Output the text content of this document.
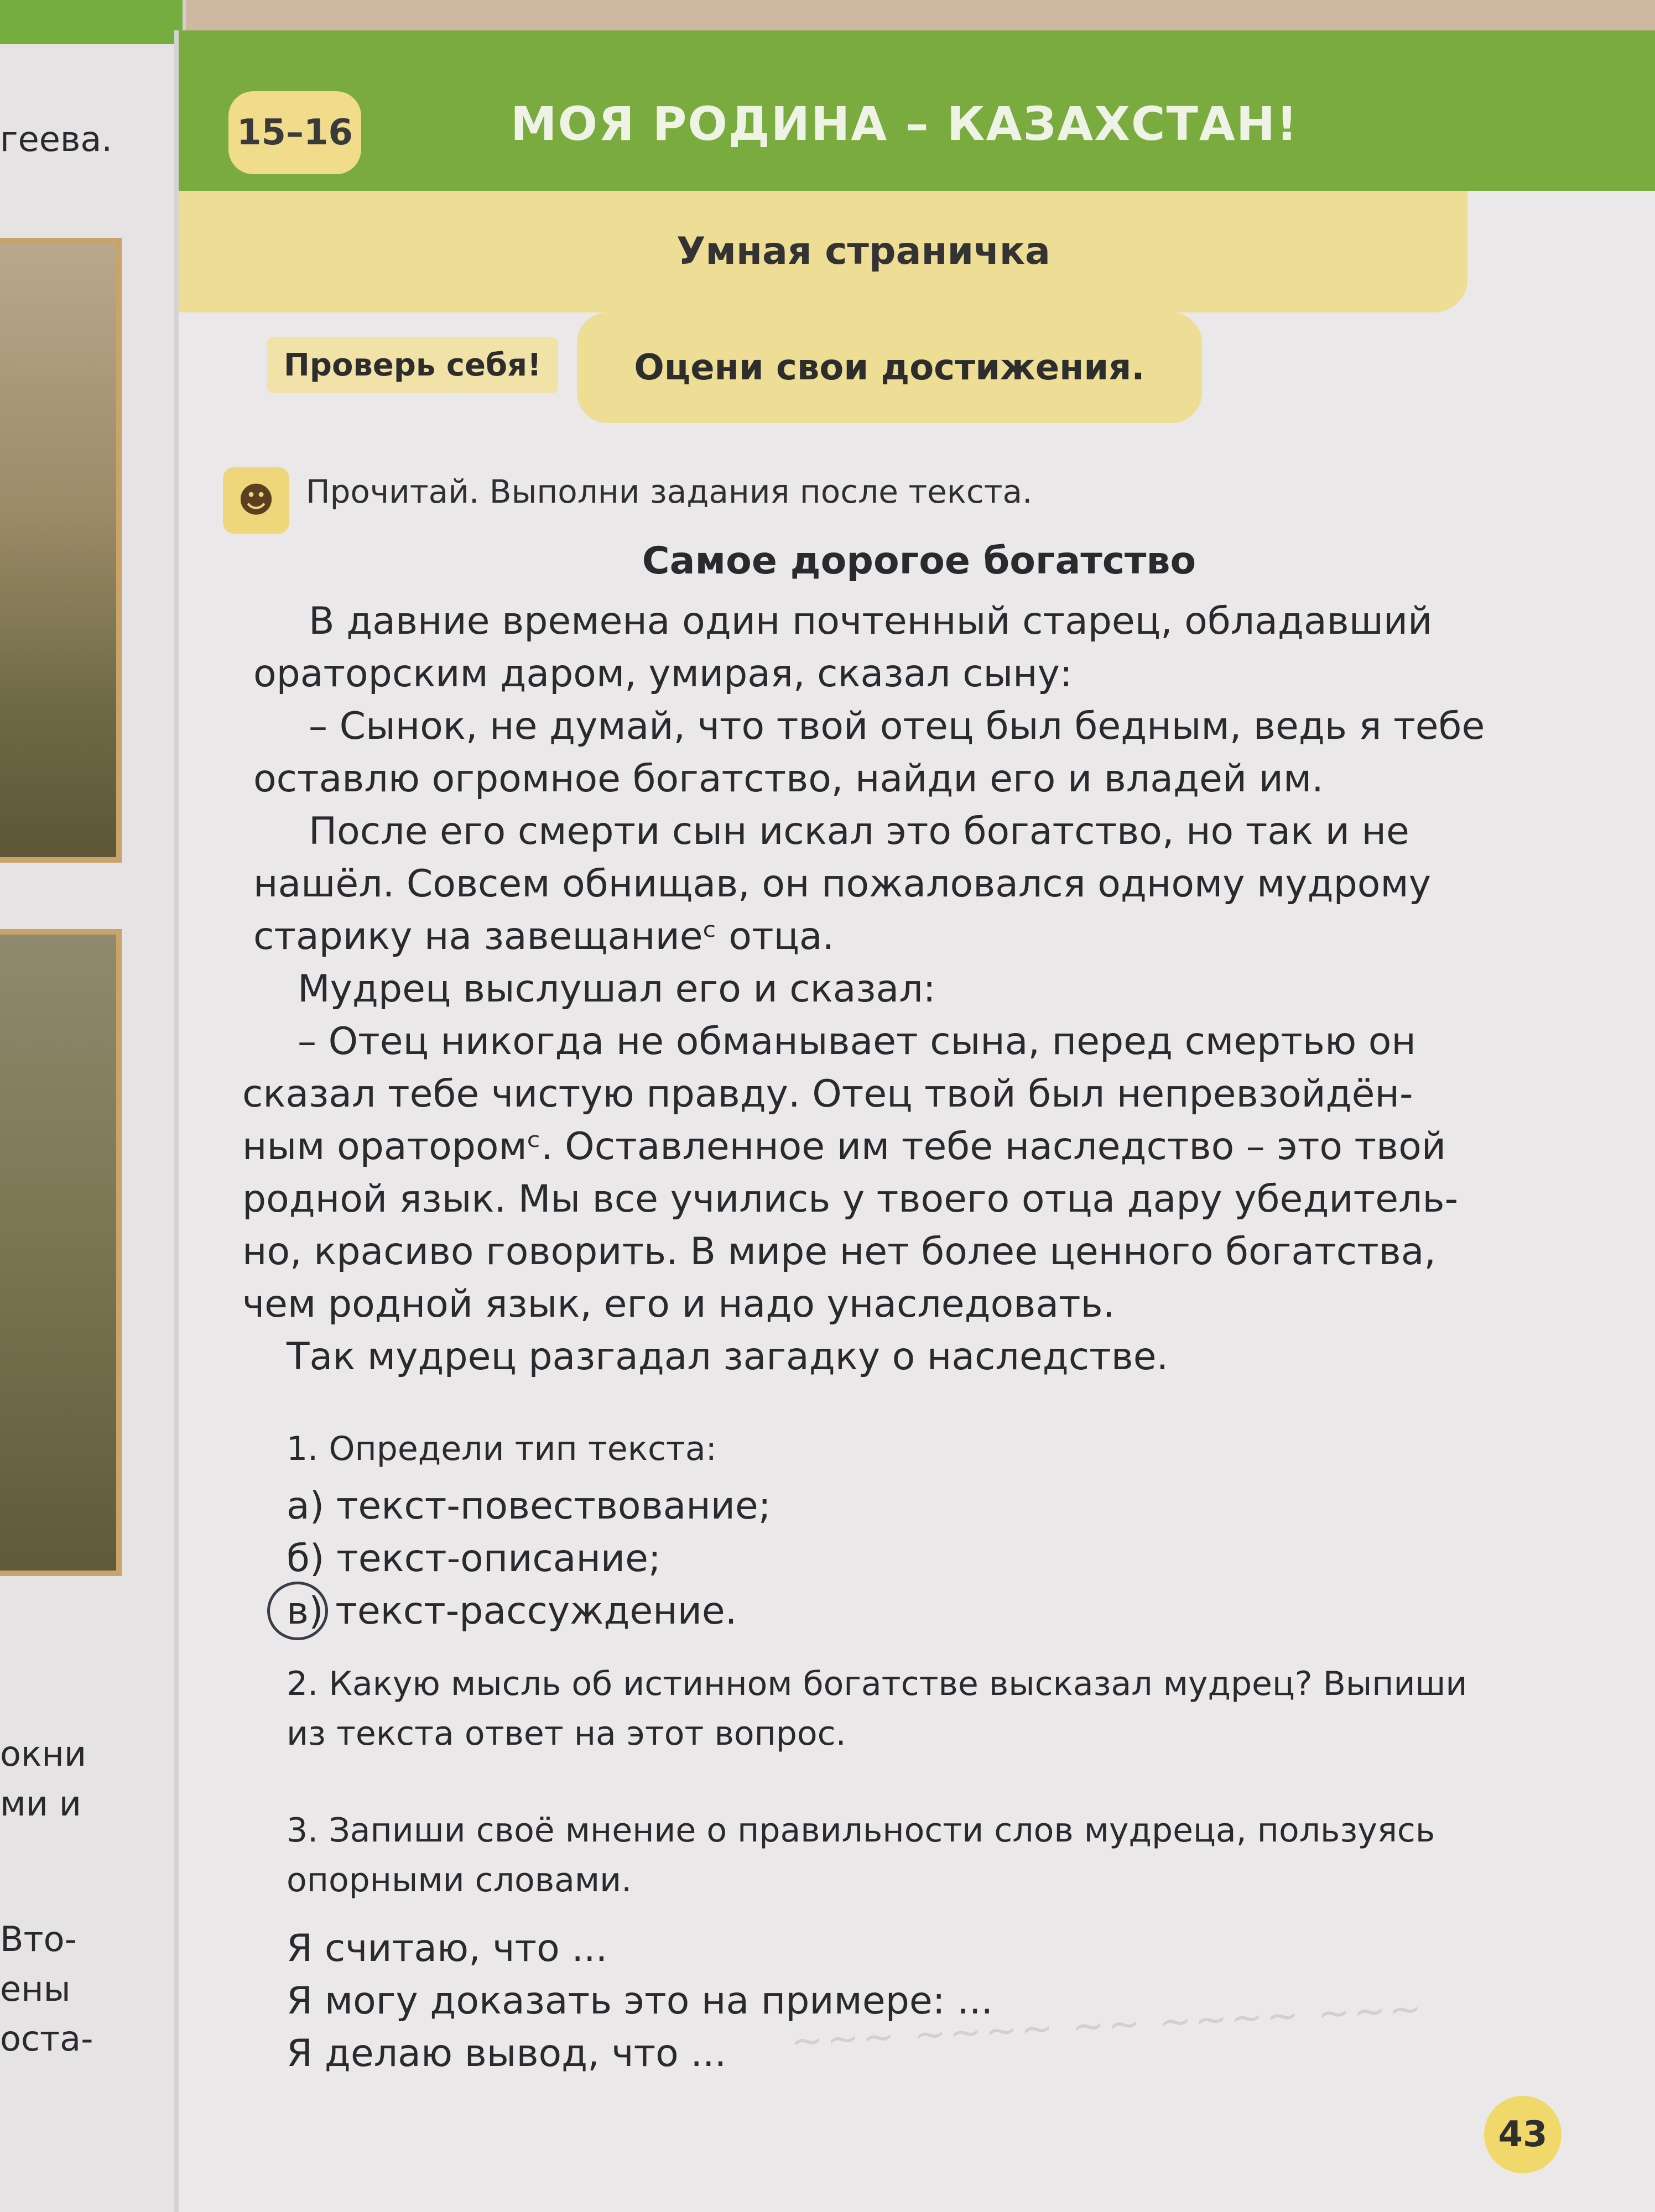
геева.
окни
ми и
Вто-
ены
оста-
15–16	МОЯ РОДИНА – КАЗАХСТАН!
Умная страничка
Проверь себя!	Оцени свои достижения.
☻ Прочитай. Выполни задания после текста.
Самое дорогое богатство
В давние времена один почтенный старец, обладавший
ораторским даром, умирая, сказал сыну:
– Сынок, не думай, что твой отец был бедным, ведь я тебе
оставлю огромное богатство, найди его и владей им.
После его смерти сын искал это богатство, но так и не
нашёл. Совсем обнищав, он пожаловался одному мудрому
старику на завещаниеᶜ отца.
Мудрец выслушал его и сказал:
– Отец никогда не обманывает сына, перед смертью он
сказал тебе чистую правду. Отец твой был непревзойдён-
ным ораторомᶜ. Оставленное им тебе наследство – это твой
родной язык. Мы все учились у твоего отца дару убедитель-
но, красиво говорить. В мире нет более ценного богатства,
чем родной язык, его и надо унаследовать.
Так мудрец разгадал загадку о наследстве.
1. Определи тип текста:
а) текст-повествование;
б) текст-описание;
в) текст-рассуждение.
2. Какую мысль об истинном богатстве высказал мудрец? Выпиши
из текста ответ на этот вопрос.
3. Запиши своё мнение о правильности слов мудреца, пользуясь
опорными словами.
Я считаю, что ...
Я могу доказать это на примере: ...
Я делаю вывод, что ... ~~~ ~~~~ ~~ ~~~~ ~~~
43
